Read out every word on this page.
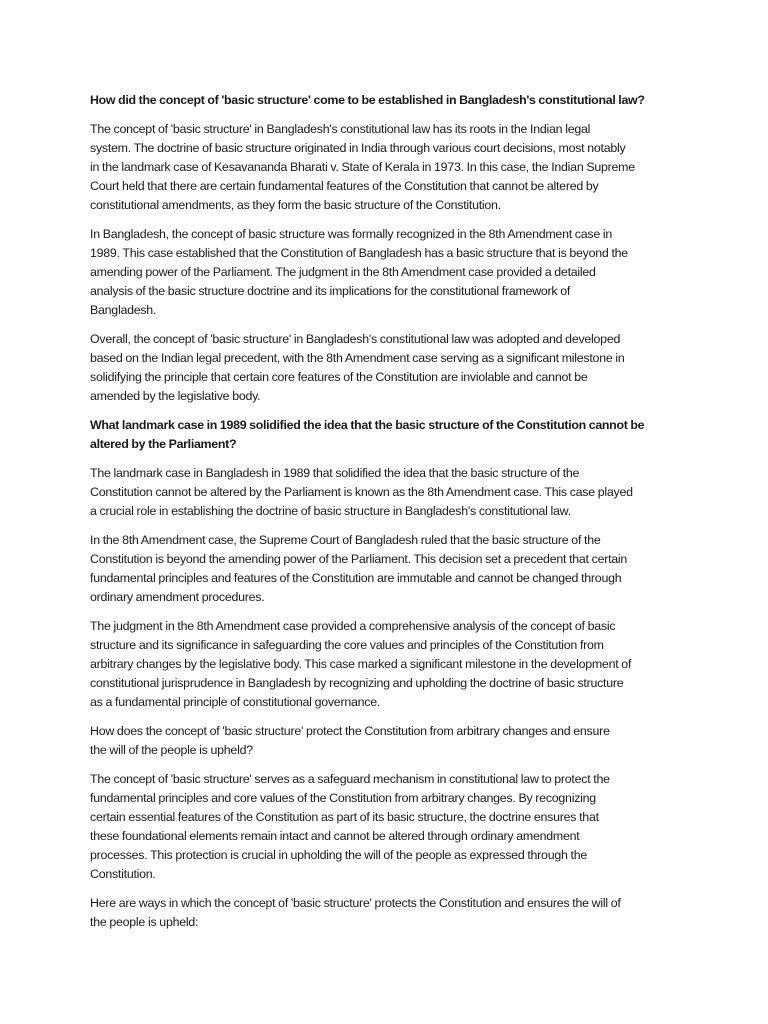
How did the concept of 'basic structure' come to be established in Bangladesh's constitutional law?

The concept of 'basic structure' in Bangladesh's constitutional law has its roots in the Indian legal
system. The doctrine of basic structure originated in India through various court decisions, most notably
in the landmark case of Kesavananda Bharati v. State of Kerala in 1973. In this case, the Indian Supreme
Court held that there are certain fundamental features of the Constitution that cannot be altered by
constitutional amendments, as they form the basic structure of the Constitution.

In Bangladesh, the concept of basic structure was formally recognized in the 8th Amendment case in
1989. This case established that the Constitution of Bangladesh has a basic structure that is beyond the
amending power of the Parliament. The judgment in the 8th Amendment case provided a detailed
analysis of the basic structure doctrine and its implications for the constitutional framework of
Bangladesh.

Overall, the concept of 'basic structure' in Bangladesh's constitutional law was adopted and developed
based on the Indian legal precedent, with the 8th Amendment case serving as a significant milestone in
solidifying the principle that certain core features of the Constitution are inviolable and cannot be
amended by the legislative body.

What landmark case in 1989 solidified the idea that the basic structure of the Constitution cannot be
altered by the Parliament?

The landmark case in Bangladesh in 1989 that solidified the idea that the basic structure of the
Constitution cannot be altered by the Parliament is known as the 8th Amendment case. This case played
a crucial role in establishing the doctrine of basic structure in Bangladesh's constitutional law.

In the 8th Amendment case, the Supreme Court of Bangladesh ruled that the basic structure of the
Constitution is beyond the amending power of the Parliament. This decision set a precedent that certain
fundamental principles and features of the Constitution are immutable and cannot be changed through
ordinary amendment procedures.

The judgment in the 8th Amendment case provided a comprehensive analysis of the concept of basic
structure and its significance in safeguarding the core values and principles of the Constitution from
arbitrary changes by the legislative body. This case marked a significant milestone in the development of
constitutional jurisprudence in Bangladesh by recognizing and upholding the doctrine of basic structure
as a fundamental principle of constitutional governance.

How does the concept of 'basic structure' protect the Constitution from arbitrary changes and ensure
the will of the people is upheld?

The concept of 'basic structure' serves as a safeguard mechanism in constitutional law to protect the
fundamental principles and core values of the Constitution from arbitrary changes. By recognizing
certain essential features of the Constitution as part of its basic structure, the doctrine ensures that
these foundational elements remain intact and cannot be altered through ordinary amendment
processes. This protection is crucial in upholding the will of the people as expressed through the
Constitution.

Here are ways in which the concept of 'basic structure' protects the Constitution and ensures the will of
the people is upheld:
